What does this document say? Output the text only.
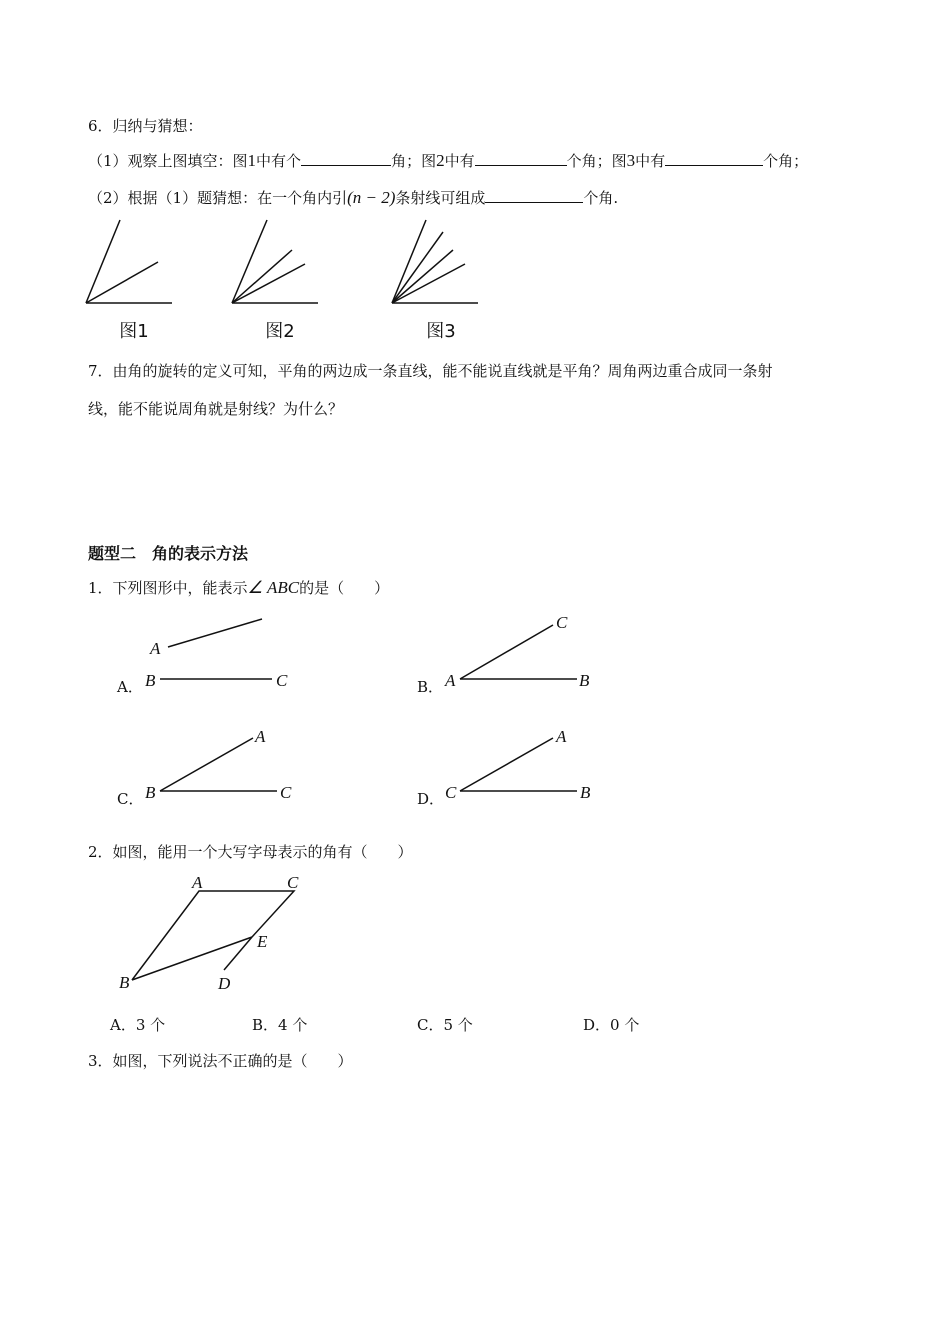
6．归纳与猜想：
（1）观察上图填空：图1中有个	角；图2中有	个角；图3中有	个角；
（2）根据（1）题猜想：在一个角内引(n − 2)条射线可组成	个角.
图1	图2	图3
7．由角的旋转的定义可知，平角的两边成一条直线，能不能说直线就是平角？周角两边重合成同一条射
线，能不能说周角就是射线？为什么？
题型二　角的表示方法
1．下列图形中，能表示∠ ABC的是（　　）
A．	B．
C．	D．
A
B	C	A
C
B
B
A
C	C
A
B
2．如图，能用一个大写字母表示的角有（　　）
A	C
E
B	D
A．3 个	B．4 个	C．5 个	D．0 个
3．如图，下列说法不正确的是（　　）
